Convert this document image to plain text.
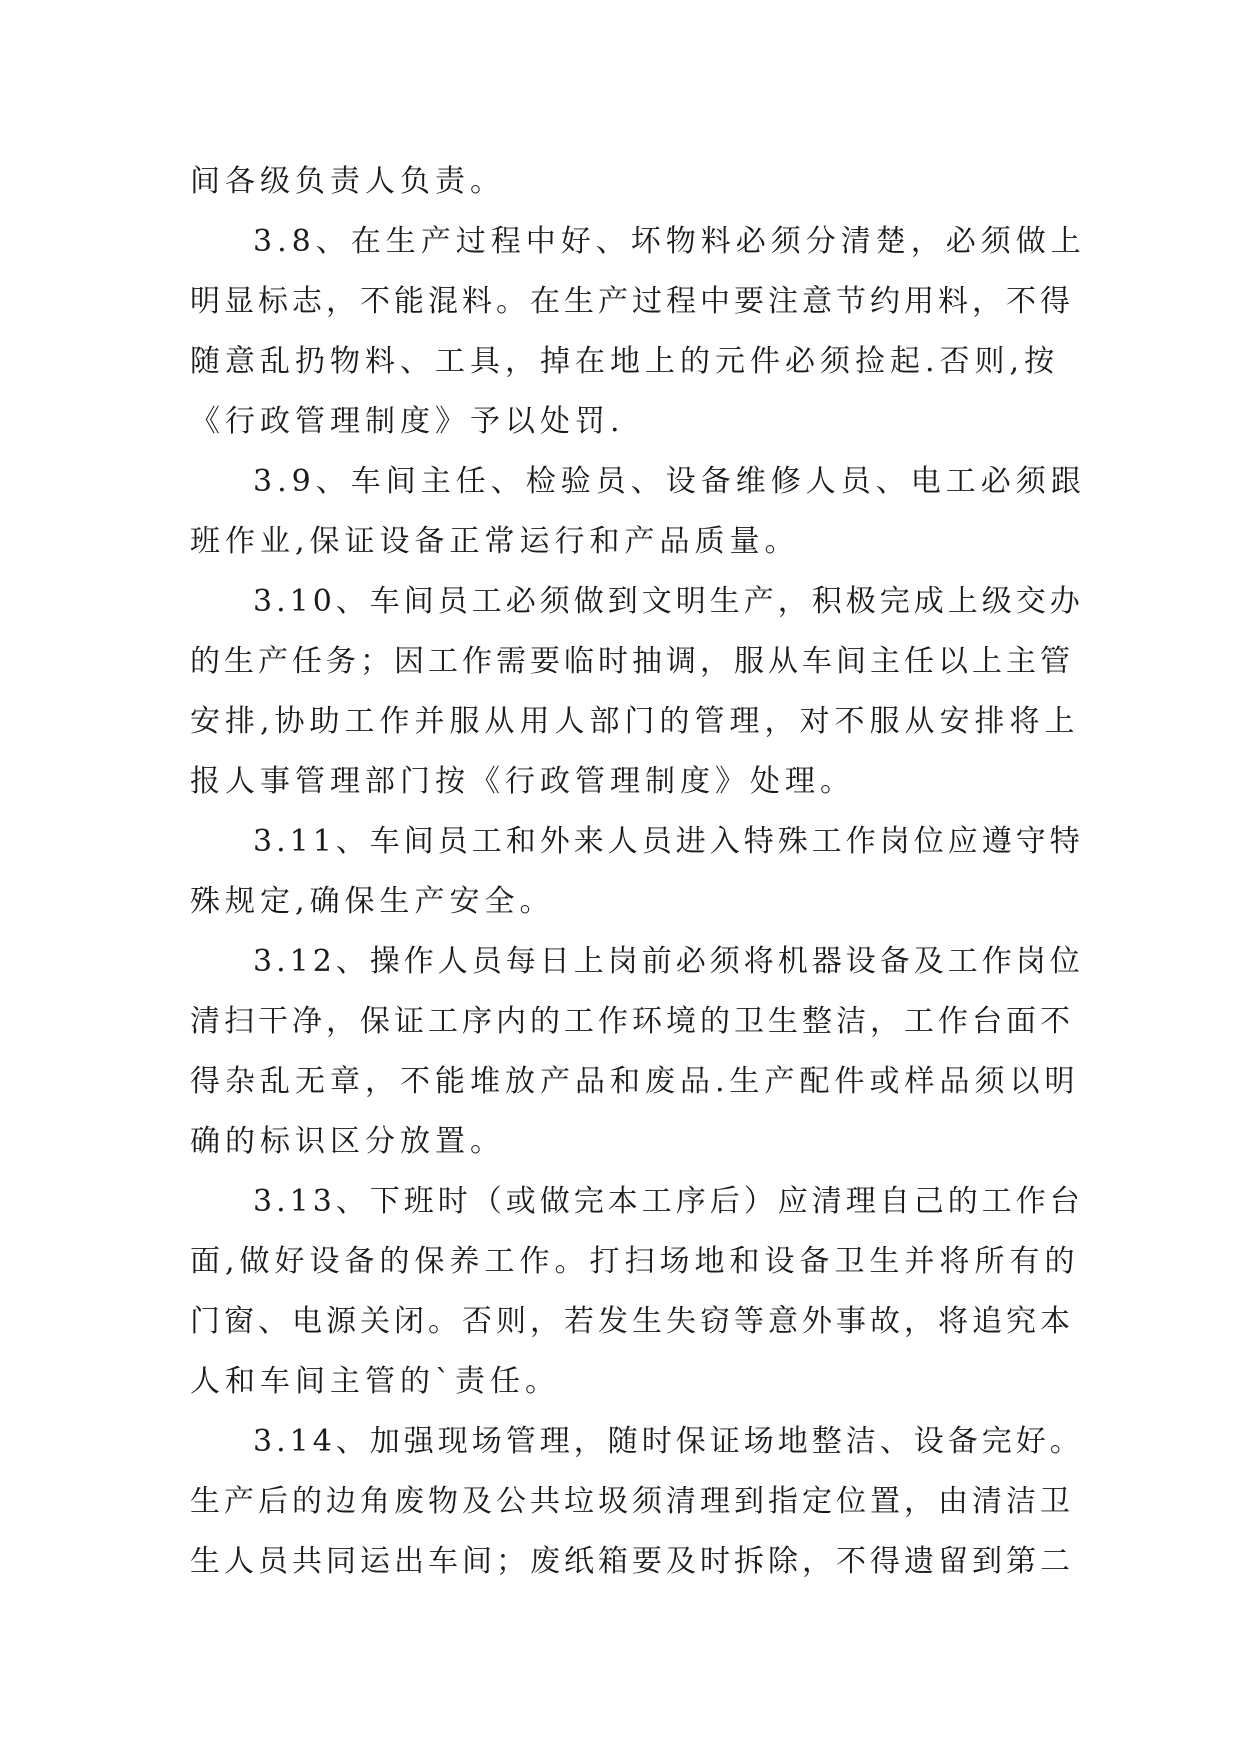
间各级负责人负责。
3.8、在生产过程中好、坏物料必须分清楚，必须做上
明显标志，不能混料。在生产过程中要注意节约用料，不得
随意乱扔物料、工具，掉在地上的元件必须捡起.否则,按
《行政管理制度》予以处罚.
3.9、车间主任、检验员、设备维修人员、电工必须跟
班作业,保证设备正常运行和产品质量。
3.10、车间员工必须做到文明生产，积极完成上级交办
的生产任务；因工作需要临时抽调，服从车间主任以上主管
安排,协助工作并服从用人部门的管理，对不服从安排将上
报人事管理部门按《行政管理制度》处理。
3.11、车间员工和外来人员进入特殊工作岗位应遵守特
殊规定,确保生产安全。
3.12、操作人员每日上岗前必须将机器设备及工作岗位
清扫干净，保证工序内的工作环境的卫生整洁，工作台面不
得杂乱无章，不能堆放产品和废品.生产配件或样品须以明
确的标识区分放置。
3.13、下班时（或做完本工序后）应清理自己的工作台
面,做好设备的保养工作。打扫场地和设备卫生并将所有的
门窗、电源关闭。否则，若发生失窃等意外事故，将追究本
人和车间主管的`责任。
3.14、加强现场管理，随时保证场地整洁、设备完好。
生产后的边角废物及公共垃圾须清理到指定位置，由清洁卫
生人员共同运出车间；废纸箱要及时拆除，不得遗留到第二
